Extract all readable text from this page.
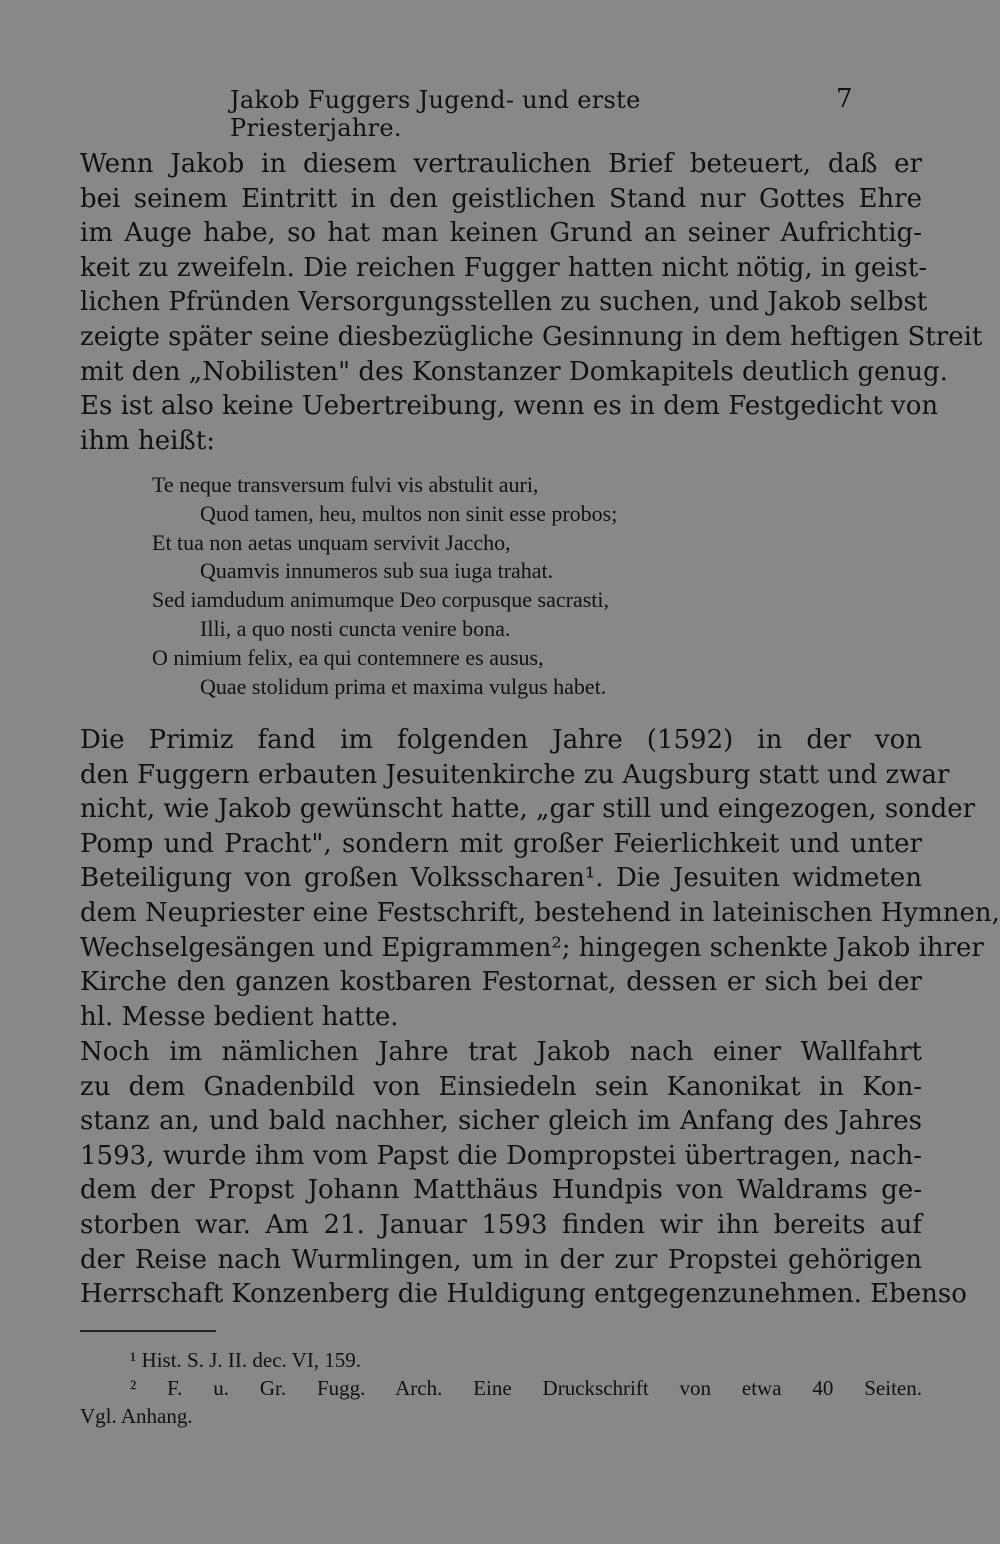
Jakob Fuggers Jugend- und erste Priesterjahre.
7
Wenn Jakob in diesem vertraulichen Brief beteuert, daß er
bei seinem Eintritt in den geistlichen Stand nur Gottes Ehre
im Auge habe, so hat man keinen Grund an seiner Aufrichtig-
keit zu zweifeln. Die reichen Fugger hatten nicht nötig, in geist-
lichen Pfründen Versorgungsstellen zu suchen, und Jakob selbst
zeigte später seine diesbezügliche Gesinnung in dem heftigen Streit
mit den „Nobilisten" des Konstanzer Domkapitels deutlich genug.
Es ist also keine Uebertreibung, wenn es in dem Festgedicht von
ihm heißt:
Te neque transversum fulvi vis abstulit auri,
Quod tamen, heu, multos non sinit esse probos;
Et tua non aetas unquam servivit Jaccho,
Quamvis innumeros sub sua iuga trahat.
Sed iamdudum animumque Deo corpusque sacrasti,
Illi, a quo nosti cuncta venire bona.
O nimium felix, ea qui contemnere es ausus,
Quae stolidum prima et maxima vulgus habet.
Die Primiz fand im folgenden Jahre (1592) in der von
den Fuggern erbauten Jesuitenkirche zu Augsburg statt und zwar
nicht, wie Jakob gewünscht hatte, „gar still und eingezogen, sonder
Pomp und Pracht", sondern mit großer Feierlichkeit und unter
Beteiligung von großen Volksscharen¹. Die Jesuiten widmeten
dem Neupriester eine Festschrift, bestehend in lateinischen Hymnen,
Wechselgesängen und Epigrammen²; hingegen schenkte Jakob ihrer
Kirche den ganzen kostbaren Festornat, dessen er sich bei der
hl. Messe bedient hatte.
Noch im nämlichen Jahre trat Jakob nach einer Wallfahrt
zu dem Gnadenbild von Einsiedeln sein Kanonikat in Kon-
stanz an, und bald nachher, sicher gleich im Anfang des Jahres
1593, wurde ihm vom Papst die Dompropstei übertragen, nach-
dem der Propst Johann Matthäus Hundpis von Waldrams ge-
storben war. Am 21. Januar 1593 finden wir ihn bereits auf
der Reise nach Wurmlingen, um in der zur Propstei gehörigen
Herrschaft Konzenberg die Huldigung entgegenzunehmen. Ebenso
¹ Hist. S. J. II. dec. VI, 159.
² F. u. Gr. Fugg. Arch. Eine Druckschrift von etwa 40 Seiten.
Vgl. Anhang.
